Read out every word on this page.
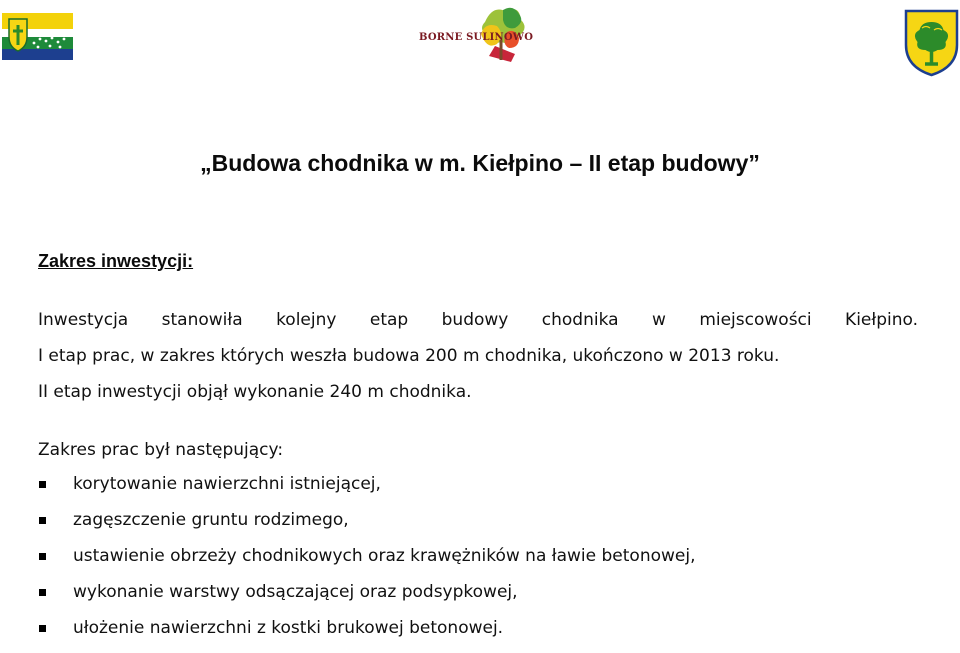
BORNE SULINOWO
„Budowa chodnika w m. Kiełpino – II etap budowy”
Zakres inwestycji:
Inwestycja stanowiła kolejny etap budowy chodnika w miejscowości Kiełpino.
I etap prac, w zakres których weszła budowa 200 m chodnika, ukończono w 2013 roku.
II etap inwestycji objął wykonanie 240 m chodnika.
Zakres prac był następujący:
korytowanie nawierzchni istniejącej,
zagęszczenie gruntu rodzimego,
ustawienie obrzeży chodnikowych oraz krawężników na ławie betonowej,
wykonanie warstwy odsączającej oraz podsypkowej,
ułożenie nawierzchni z kostki brukowej betonowej.
